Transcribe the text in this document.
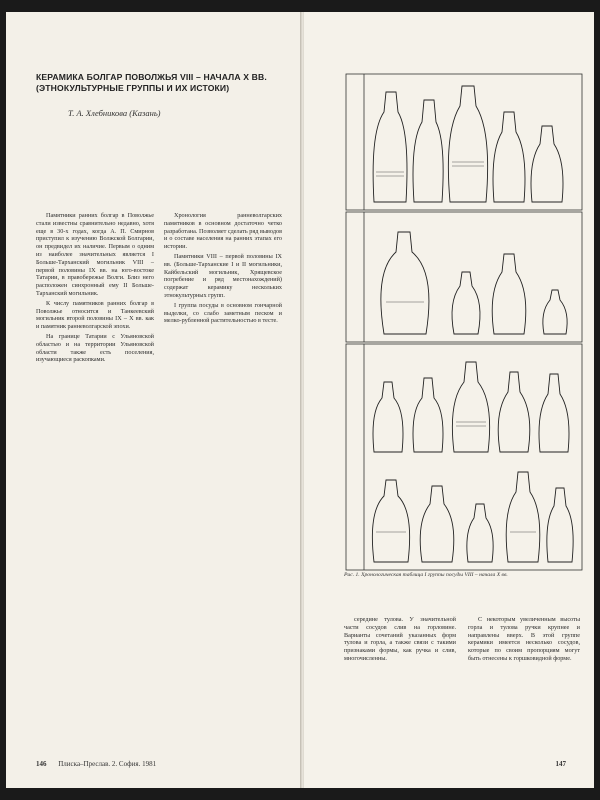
КЕРАМИКА БОЛГАР ПОВОЛЖЬЯ VIII – НАЧАЛА X ВВ. (ЭТНОКУЛЬТУРНЫЕ ГРУППЫ И ИХ ИСТОКИ)
Т. А. Хлебникова (Казань)

Памятники ранних болгар в Поволжье стали известны сравнительно недавно, хотя еще в 30-х годах, когда А. П. Смирнов приступил к изучению Волжской Болгарии, он предвидел их наличие. Первым о одним из наиболее значительных является I Больше-Тарханский могильник VIII – первой половины IX вв. на юго-востоке Татарии, в правобережье Волги. Близ него расположен синхронный ему II Больше-Тарханский могильник.

К числу памятников ранних болгар в Поволжье относится и Танкеевский могильник второй половины IX – X вв. как и памятник ранневолгарской эпохи.

На границе Татарии с Ульяновской областью и на территории Ульяновской области также есть поселения, изучающиеся раскопками.

Хронология ранневолгарских памятников в основном достаточно четко разработана. Позволяет сделать ряд выводов и о составе населения на ранних этапах его истории.

Памятники VIII – первой половины IX вв. (Больше-Тарханские I и II могильники, Кайбельский могильник, Хрящевское погребение и ряд местонахождений) содержат керамику нескольких этнокультурных групп.

I группа посуды в основном гончарной выделки, со слабо заметным песком и мелко-рубленной растительностью в тесте.

146 Плиска–Преслав. 2. София. 1981
Рис. 1. Хронологическая таблица I группы посуды VIII – начала X вв.

середине тулова. У значительной части сосудов слив на горловине. Варианты сочетаний указанных форм тулова и горла, а также связи с такими признаками формы, как ручка и слив, многочисленны.

С некоторым увеличенным высоты горла и тулова ручки крупнее и направлены вверх. В этой группе керамики имеется несколько сосудов, которые по своим пропорциям могут быть отнесены к горшковидной форме.

147
